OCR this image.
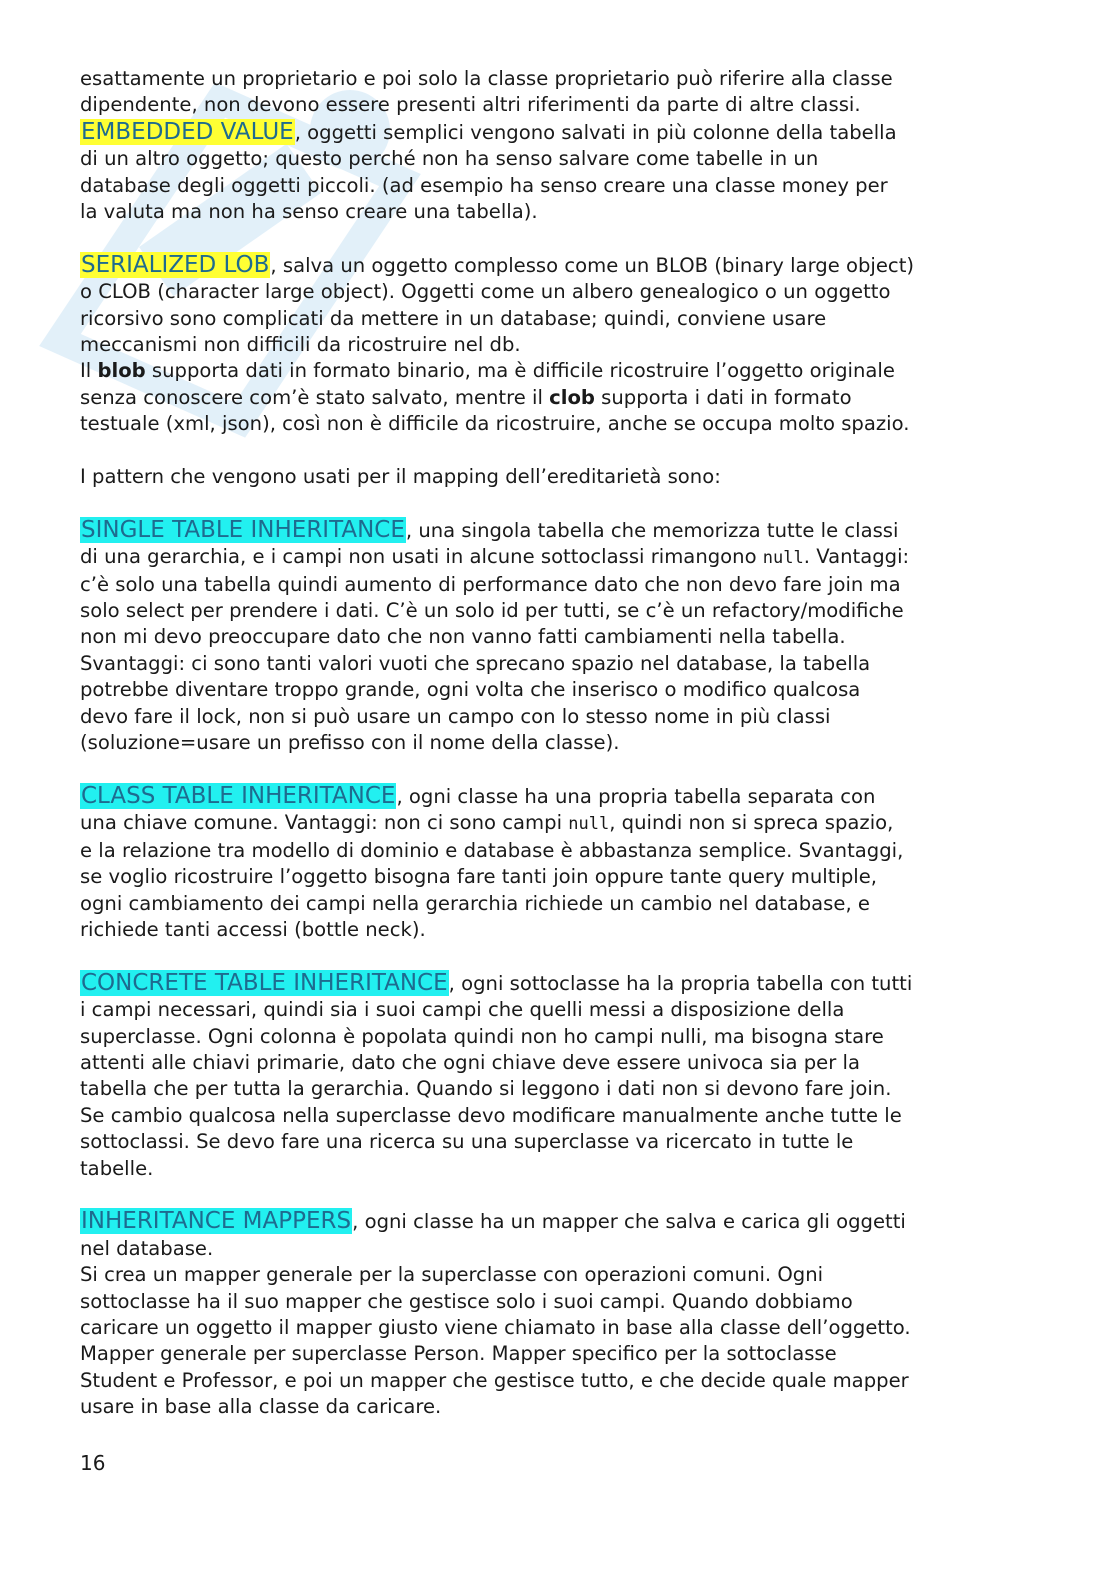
esattamente un proprietario e poi solo la classe proprietario può riferire alla classe

dipendente, non devono essere presenti altri riferimenti da parte di altre classi.

EMBEDDED VALUE, oggetti semplici vengono salvati in più colonne della tabella

di un altro oggetto; questo perché non ha senso salvare come tabelle in un

database degli oggetti piccoli. (ad esempio ha senso creare una classe money per

la valuta ma non ha senso creare una tabella).

SERIALIZED LOB, salva un oggetto complesso come un BLOB (binary large object)

o CLOB (character large object). Oggetti come un albero genealogico o un oggetto

ricorsivo sono complicati da mettere in un database; quindi, conviene usare

meccanismi non difficili da ricostruire nel db.

Il blob supporta dati in formato binario, ma è difficile ricostruire l’oggetto originale

senza conoscere com’è stato salvato, mentre il clob supporta i dati in formato

testuale (xml, json), così non è difficile da ricostruire, anche se occupa molto spazio.

I pattern che vengono usati per il mapping dell’ereditarietà sono:

SINGLE TABLE INHERITANCE, una singola tabella che memorizza tutte le classi

di una gerarchia, e i campi non usati in alcune sottoclassi rimangono null. Vantaggi:

c’è solo una tabella quindi aumento di performance dato che non devo fare join ma

solo select per prendere i dati. C’è un solo id per tutti, se c’è un refactory/modifiche

non mi devo preoccupare dato che non vanno fatti cambiamenti nella tabella.

Svantaggi: ci sono tanti valori vuoti che sprecano spazio nel database, la tabella

potrebbe diventare troppo grande, ogni volta che inserisco o modifico qualcosa

devo fare il lock, non si può usare un campo con lo stesso nome in più classi

(soluzione=usare un prefisso con il nome della classe).

CLASS TABLE INHERITANCE, ogni classe ha una propria tabella separata con

una chiave comune. Vantaggi: non ci sono campi null, quindi non si spreca spazio,

e la relazione tra modello di dominio e database è abbastanza semplice. Svantaggi,

se voglio ricostruire l’oggetto bisogna fare tanti join oppure tante query multiple,

ogni cambiamento dei campi nella gerarchia richiede un cambio nel database, e

richiede tanti accessi (bottle neck).

CONCRETE TABLE INHERITANCE, ogni sottoclasse ha la propria tabella con tutti

i campi necessari, quindi sia i suoi campi che quelli messi a disposizione della

superclasse. Ogni colonna è popolata quindi non ho campi nulli, ma bisogna stare

attenti alle chiavi primarie, dato che ogni chiave deve essere univoca sia per la

tabella che per tutta la gerarchia. Quando si leggono i dati non si devono fare join.

Se cambio qualcosa nella superclasse devo modificare manualmente anche tutte le

sottoclassi. Se devo fare una ricerca su una superclasse va ricercato in tutte le

tabelle.

INHERITANCE MAPPERS, ogni classe ha un mapper che salva e carica gli oggetti

nel database.

Si crea un mapper generale per la superclasse con operazioni comuni. Ogni

sottoclasse ha il suo mapper che gestisce solo i suoi campi. Quando dobbiamo

caricare un oggetto il mapper giusto viene chiamato in base alla classe dell’oggetto.

Mapper generale per superclasse Person. Mapper specifico per la sottoclasse

Student e Professor, e poi un mapper che gestisce tutto, e che decide quale mapper

usare in base alla classe da caricare.

16
